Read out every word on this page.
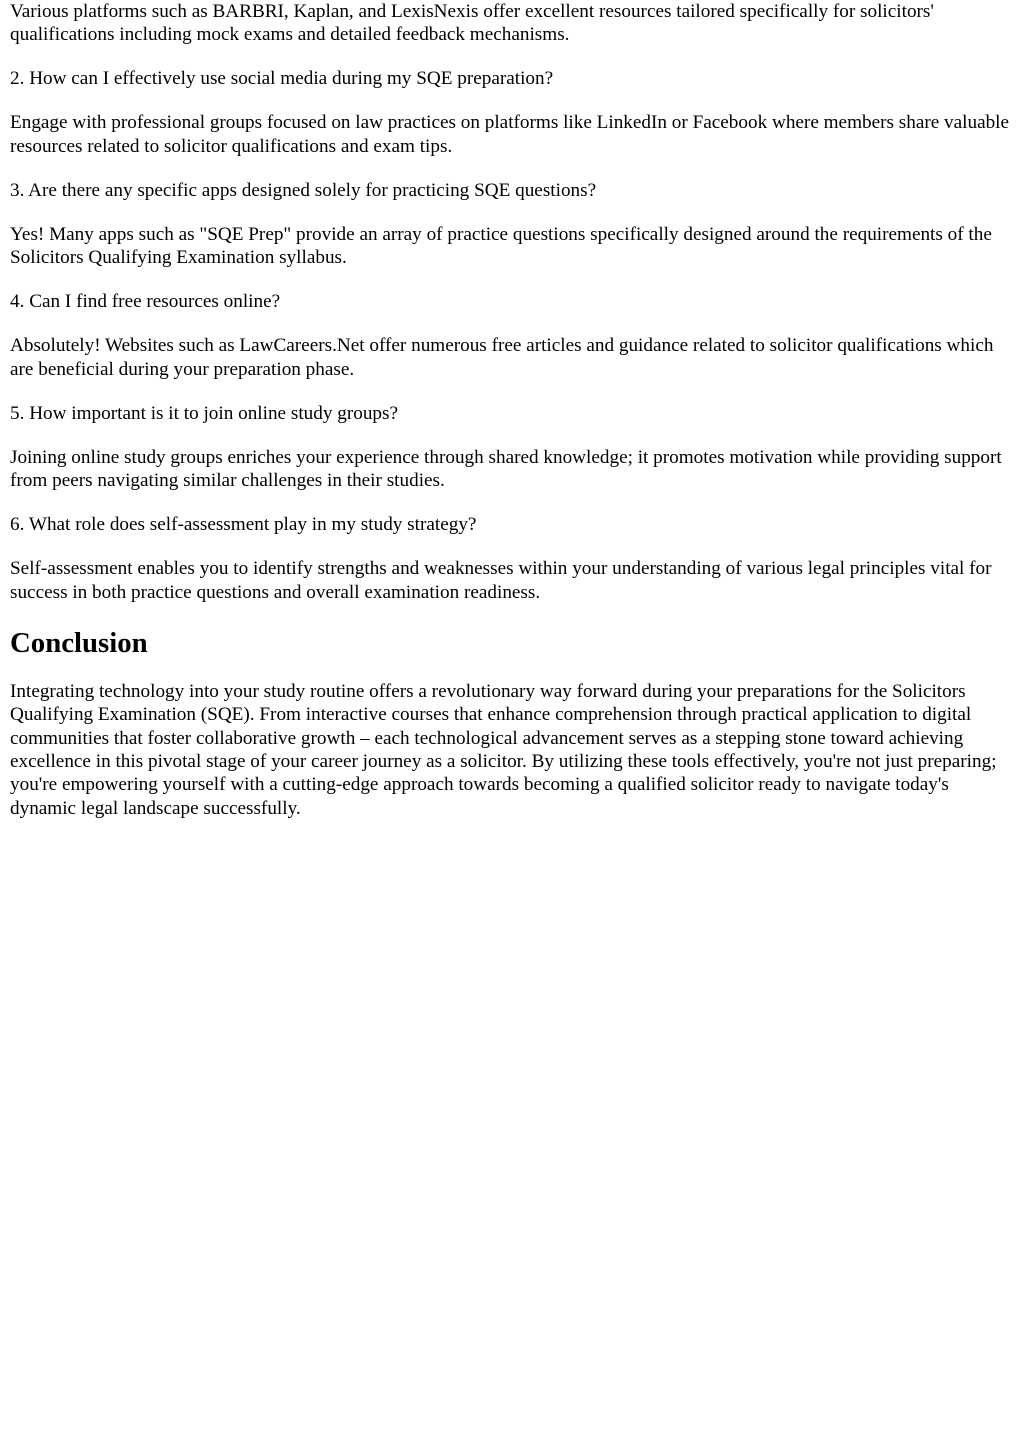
Various platforms such as BARBRI, Kaplan, and LexisNexis offer excellent resources tailored specifically for solicitors' qualifications including mock exams and detailed feedback mechanisms.

2. How can I effectively use social media during my SQE preparation?

Engage with professional groups focused on law practices on platforms like LinkedIn or Facebook where members share valuable resources related to solicitor qualifications and exam tips.

3. Are there any specific apps designed solely for practicing SQE questions?

Yes! Many apps such as "SQE Prep" provide an array of practice questions specifically designed around the requirements of the Solicitors Qualifying Examination syllabus.

4. Can I find free resources online?

Absolutely! Websites such as LawCareers.Net offer numerous free articles and guidance related to solicitor qualifications which are beneficial during your preparation phase.

5. How important is it to join online study groups?

Joining online study groups enriches your experience through shared knowledge; it promotes motivation while providing support from peers navigating similar challenges in their studies.

6. What role does self-assessment play in my study strategy?

Self-assessment enables you to identify strengths and weaknesses within your understanding of various legal principles vital for success in both practice questions and overall examination readiness.

Conclusion

Integrating technology into your study routine offers a revolutionary way forward during your preparations for the Solicitors Qualifying Examination (SQE). From interactive courses that enhance comprehension through practical application to digital communities that foster collaborative growth – each technological advancement serves as a stepping stone toward achieving excellence in this pivotal stage of your career journey as a solicitor. By utilizing these tools effectively, you're not just preparing; you're empowering yourself with a cutting-edge approach towards becoming a qualified solicitor ready to navigate today's dynamic legal landscape successfully.
